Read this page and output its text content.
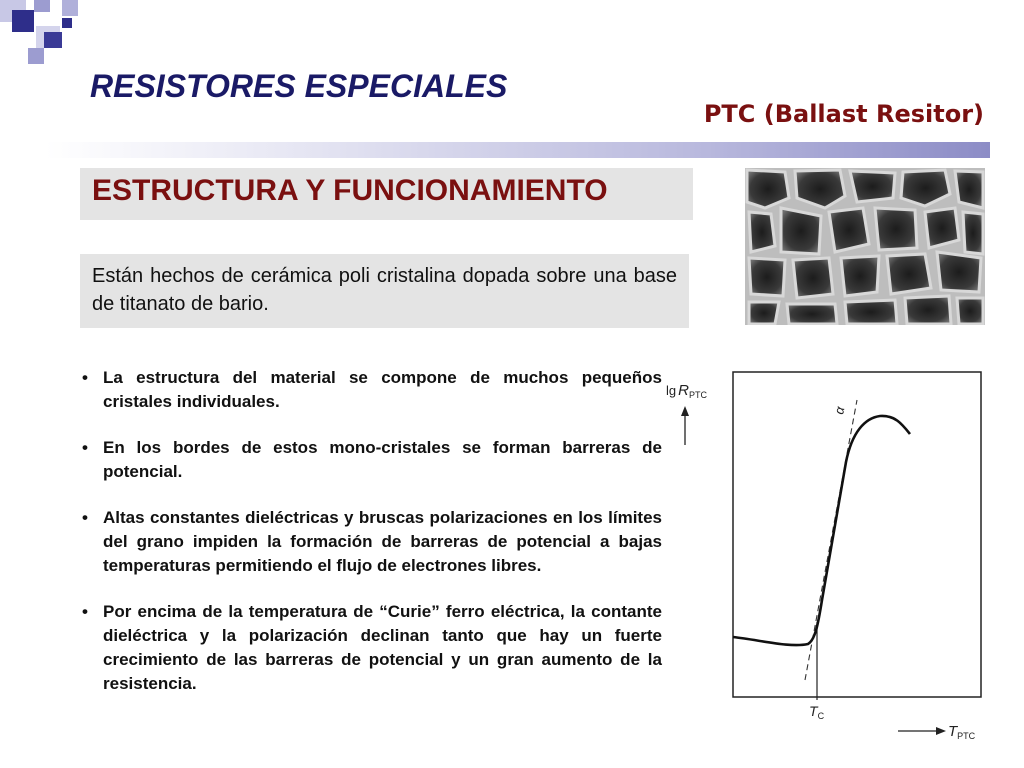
RESISTORES ESPECIALES
PTC (Ballast Resitor)
ESTRUCTURA Y FUNCIONAMIENTO
Están hechos de cerámica poli cristalina dopada sobre una base de titanato de bario.
• La estructura del material se compone de muchos pequeños cristales individuales.
• En los bordes de estos mono-cristales se forman barreras de potencial.
• Altas constantes dieléctricas y bruscas polarizaciones en los límites del grano impiden la formación de barreras de potencial a bajas temperaturas permitiendo el flujo de electrones libres.
• Por encima de la temperatura de “Curie” ferro eléctrica, la contante dieléctrica y la polarización declinan tanto que hay un fuerte crecimiento de las barreras de potencial y un gran aumento de la resistencia.
$\lg R_{PTC}$
$T_{PTC}$
$T_C$
α
